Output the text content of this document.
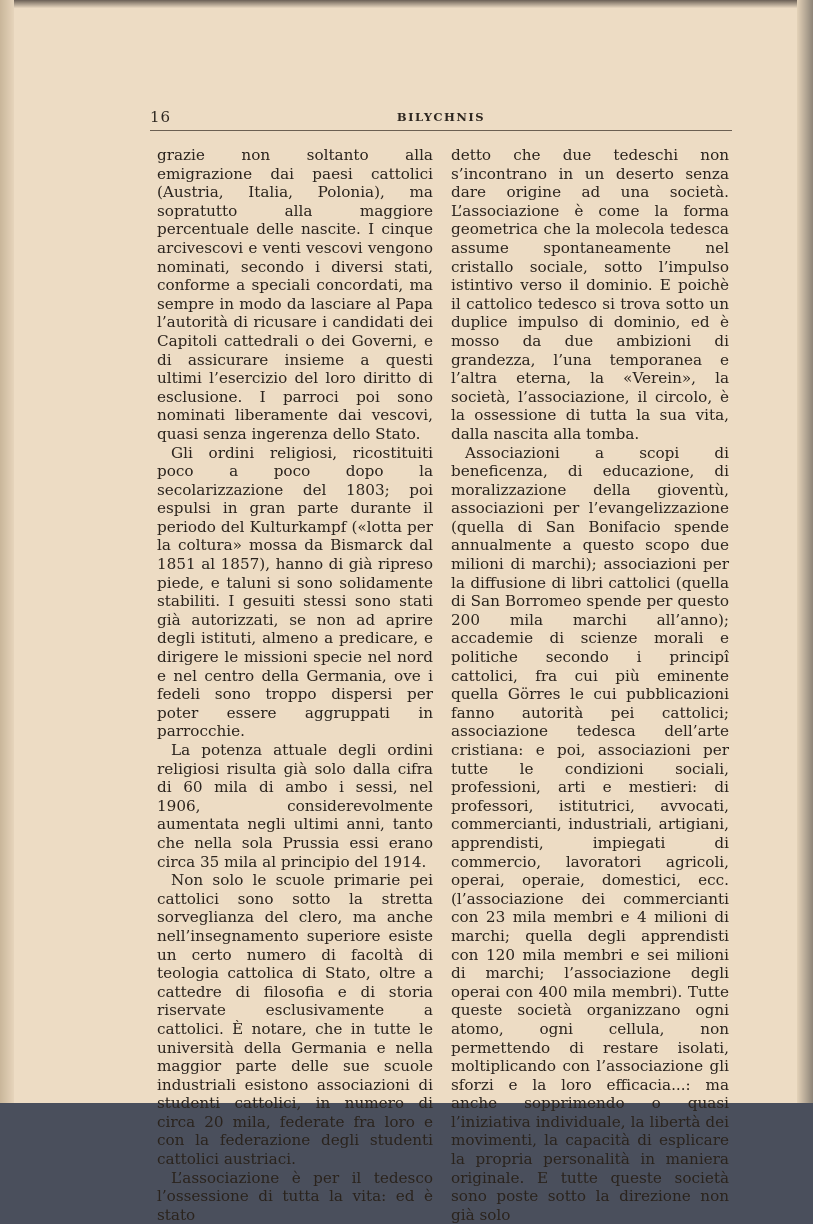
16	BILYCHNIS

grazie non soltanto alla emigrazione dai paesi cattolici (Austria, Italia, Polonia), ma sopratutto alla maggiore percentuale delle nascite. I cinque arcivescovi e venti vescovi vengono nominati, secondo i diversi stati, conforme a speciali concordati, ma sempre in modo da lasciare al Papa l’autorità di ricusare i candidati dei Capitoli cattedrali o dei Governi, e di assicurare insieme a questi ultimi l’esercizio del loro diritto di esclusione. I parroci poi sono nominati liberamente dai vescovi, quasi senza ingerenza dello Stato.

Gli ordini religiosi, ricostituiti poco a poco dopo la secolarizzazione del 1803; poi espulsi in gran parte durante il periodo del Kulturkampf («lotta per la coltura» mossa da Bismarck dal 1851 al 1857), hanno di già ripreso piede, e taluni si sono solidamente stabiliti. I gesuiti stessi sono stati già autorizzati, se non ad aprire degli istituti, almeno a predicare, e dirigere le missioni specie nel nord e nel centro della Germania, ove i fedeli sono troppo dispersi per poter essere aggruppati in parrocchie.

La potenza attuale degli ordini religiosi risulta già solo dalla cifra di 60 mila di ambo i sessi, nel 1906, considerevolmente aumentata negli ultimi anni, tanto che nella sola Prussia essi erano circa 35 mila al principio del 1914.

Non solo le scuole primarie pei cattolici sono sotto la stretta sorveglianza del clero, ma anche nell’insegnamento superiore esiste un certo numero di facoltà di teologia cattolica di Stato, oltre a cattedre di filosofia e di storia riservate esclusivamente a cattolici. È notare, che in tutte le università della Germania e nella maggior parte delle sue scuole industriali esistono associazioni di studenti cattolici, in numero di circa 20 mila, federate fra loro e con la federazione degli studenti cattolici austriaci.

L’associazione è per il tedesco l’ossessione di tutta la vita: ed è stato

detto che due tedeschi non s’incontrano in un deserto senza dare origine ad una società. L’associazione è come la forma geometrica che la molecola tedesca assume spontaneamente nel cristallo sociale, sotto l’impulso istintivo verso il dominio. E poichè il cattolico tedesco si trova sotto un duplice impulso di dominio, ed è mosso da due ambizioni di grandezza, l’una temporanea e l’altra eterna, la «Verein», la società, l’associazione, il circolo, è la ossessione di tutta la sua vita, dalla nascita alla tomba.

Associazioni a scopi di beneficenza, di educazione, di moralizzazione della gioventù, associazioni per l’evangelizzazione (quella di San Bonifacio spende annualmente a questo scopo due milioni di marchi); associazioni per la diffusione di libri cattolici (quella di San Borromeo spende per questo 200 mila marchi all’anno); accademie di scienze morali e politiche secondo i principî cattolici, fra cui più eminente quella Görres le cui pubblicazioni fanno autorità pei cattolici; associazione tedesca dell’arte cristiana: e poi, associazioni per tutte le condizioni sociali, professioni, arti e mestieri: di professori, istitutrici, avvocati, commercianti, industriali, artigiani, apprendisti, impiegati di commercio, lavoratori agricoli, operai, operaie, domestici, ecc. (l’associazione dei commercianti con 23 mila membri e 4 milioni di marchi; quella degli apprendisti con 120 mila membri e sei milioni di marchi; l’associazione degli operai con 400 mila membri). Tutte queste società organizzano ogni atomo, ogni cellula, non permettendo di restare isolati, moltiplicando con l’associazione gli sforzi e la loro efficacia...: ma anche sopprimendo o quasi l’iniziativa individuale, la libertà dei movimenti, la capacità di esplicare la propria personalità in maniera originale. E tutte queste società sono poste sotto la direzione non già solo
